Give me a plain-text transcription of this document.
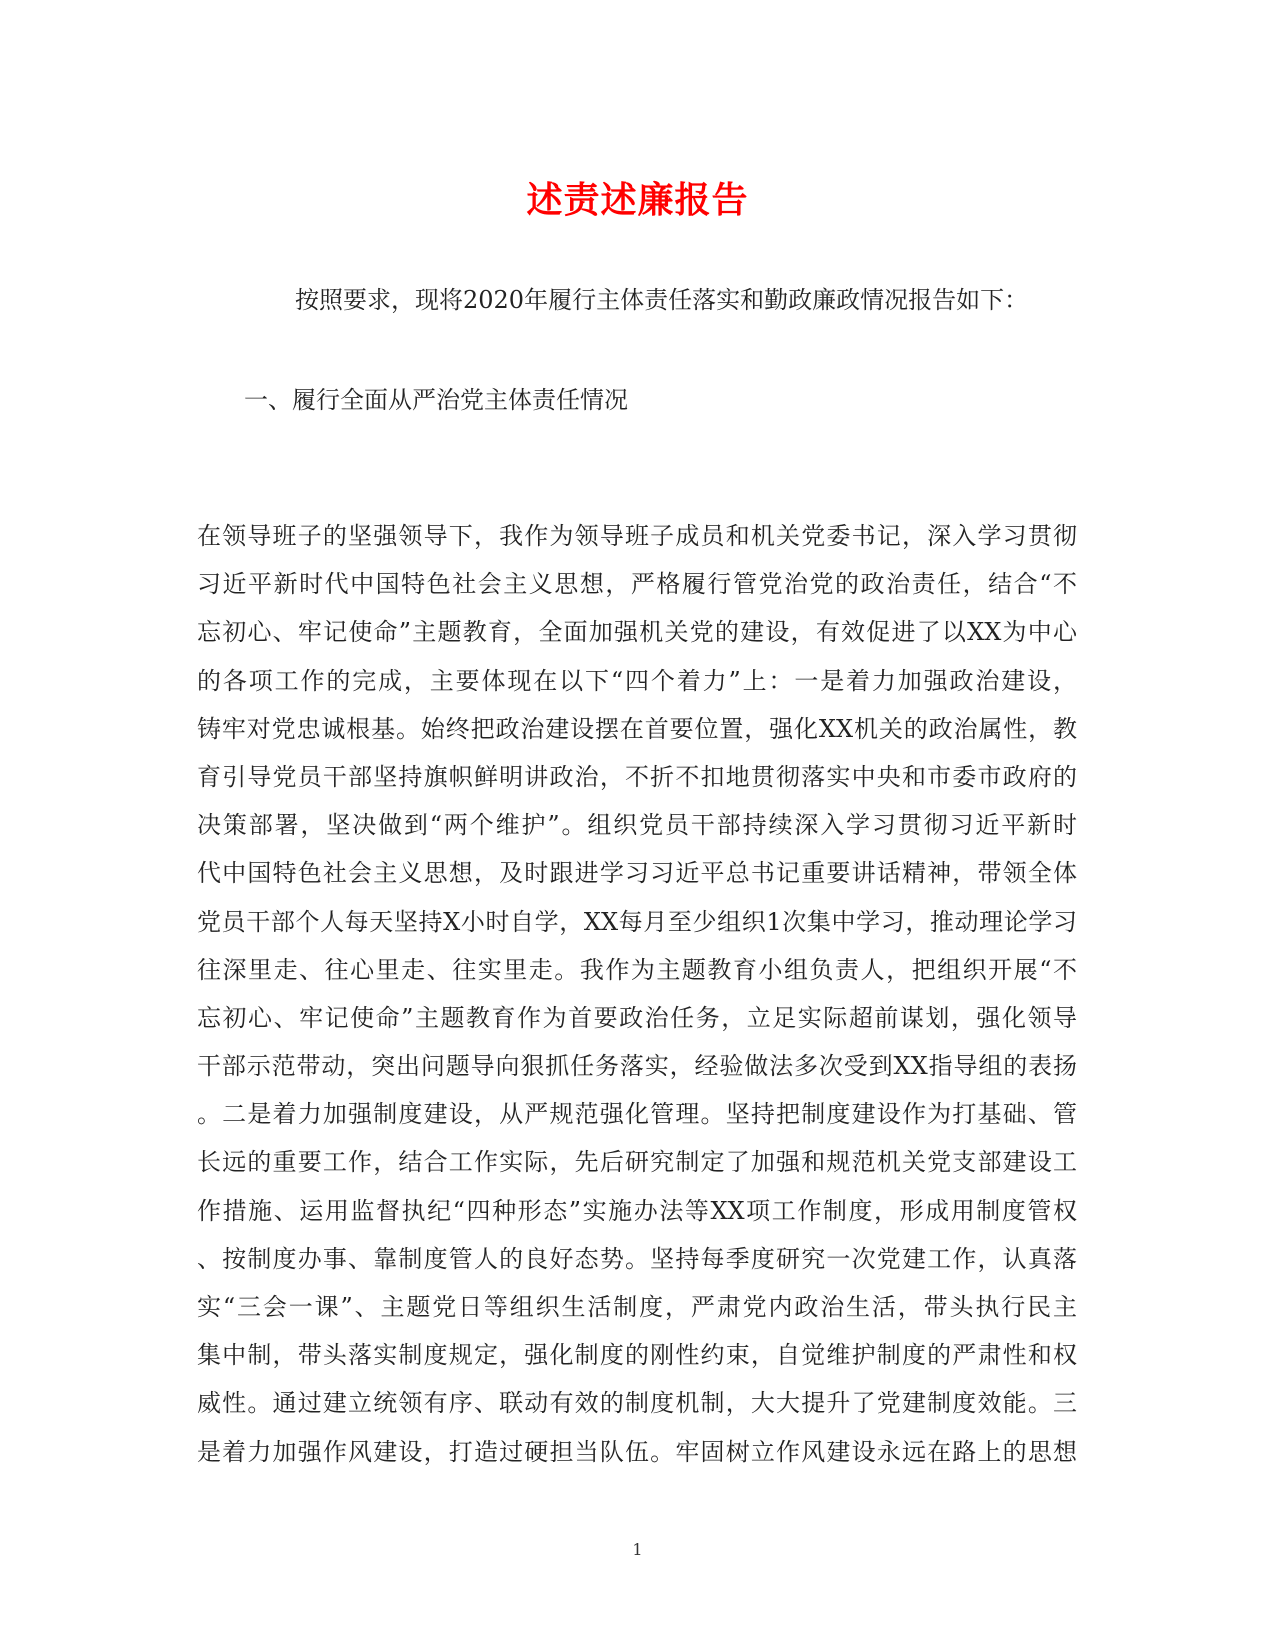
述责述廉报告
按照要求，现将2020年履行主体责任落实和勤政廉政情况报告如下：
一、履行全面从严治党主体责任情况
在领导班子的坚强领导下，我作为领导班子成员和机关党委书记，深入学习贯彻
习近平新时代中国特色社会主义思想，严格履行管党治党的政治责任，结合“不
忘初心、牢记使命”主题教育，全面加强机关党的建设，有效促进了以XX为中心
的各项工作的完成，主要体现在以下“四个着力”上：一是着力加强政治建设，
铸牢对党忠诚根基。始终把政治建设摆在首要位置，强化XX机关的政治属性，教
育引导党员干部坚持旗帜鲜明讲政治，不折不扣地贯彻落实中央和市委市政府的
决策部署，坚决做到“两个维护”。组织党员干部持续深入学习贯彻习近平新时
代中国特色社会主义思想，及时跟进学习习近平总书记重要讲话精神，带领全体
党员干部个人每天坚持X小时自学，XX每月至少组织1次集中学习，推动理论学习
往深里走、往心里走、往实里走。我作为主题教育小组负责人，把组织开展“不
忘初心、牢记使命”主题教育作为首要政治任务，立足实际超前谋划，强化领导
干部示范带动，突出问题导向狠抓任务落实，经验做法多次受到XX指导组的表扬
。二是着力加强制度建设，从严规范强化管理。坚持把制度建设作为打基础、管
长远的重要工作，结合工作实际，先后研究制定了加强和规范机关党支部建设工
作措施、运用监督执纪“四种形态”实施办法等XX项工作制度，形成用制度管权
、按制度办事、靠制度管人的良好态势。坚持每季度研究一次党建工作，认真落
实“三会一课”、主题党日等组织生活制度，严肃党内政治生活，带头执行民主
集中制，带头落实制度规定，强化制度的刚性约束，自觉维护制度的严肃性和权
威性。通过建立统领有序、联动有效的制度机制，大大提升了党建制度效能。三
是着力加强作风建设，打造过硬担当队伍。牢固树立作风建设永远在路上的思想
1
